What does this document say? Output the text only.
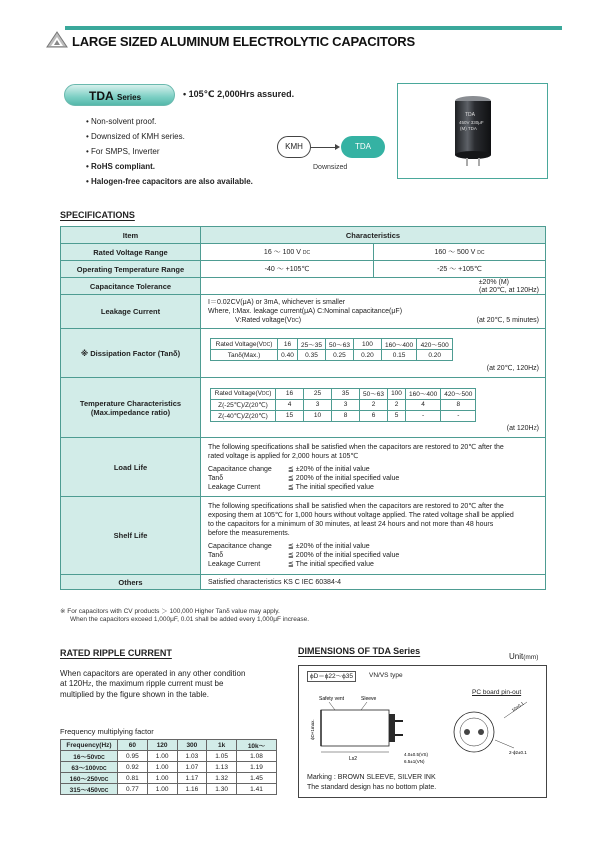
LARGE SIZED ALUMINUM ELECTROLYTIC CAPACITORS
TDA Series	• 105℃ 2,000Hrs assured.
• Non-solvent proof.
• Downsized of KMH series.
• For SMPS, Inverter
• RoHS compliant.
• Halogen-free capacitors are also available.
KMH	TDA
Downsized
TDA
450V 330μF
(M) TDA
SPECIFICATIONS
Item	Characteristics
Rated Voltage Range	16 ～ 100 V DC	160 ～ 500 V DC
Operating Temperature Range	-40 ～ +105℃	-25 ～ +105℃
Capacitance Tolerance	±20% (M)
(at 20℃, at 120Hz)

Leakage Current	
I＝0.02CV(μA) or 3mA, whichever is smaller
Where, I:Max. leakage current(μA) C:Nominal capacitance(μF)
V:Rated voltage(VDC)	(at 20℃, 5 minutes)

※ Dissipation Factor (Tanδ)	
Rated Voltage(VDC)	16	25～35	50～63	100	160～400	420～500
Tanδ(Max.)	0.40	0.35	0.25	0.20	0.15	0.20
(at 20℃, 120Hz)

Temperature Characteristics
(Max.impedance ratio)

Rated Voltage(VDC)	16	25	35	50～63	100	160～400	420～500
Z(-25℃)/Z(20℃)	4	3	3	2	2	4	8
Z(-40℃)/Z(20℃)	15	10	8	6	5	-	-
(at 120HZ)

Load Life	
The following specifications shall be satisfied when the capacitors are restored to 20℃ after the
rated voltage is applied for 2,000 hours at 105℃
Capacitance change ≦ ±20% of the initial value
Tanδ	≦ 200% of the initial specified value
Leakage Current	≦ The initial specified value

Shelf Life	
The following specifications shall be satisfied when the capacitors are restored to 20℃ after the
exposing them at 105℃ for 1,000 hours without voltage applied. The rated voltage shall be applied
to the capacitors for a minimum of 30 minutes, at least 24 hours and not more than 48 hours
before the measurements.
Capacitance change ≦ ±20% of the initial value
Tanδ	≦ 200% of the initial specified value
Leakage Current	≦ The initial specified value

Others	Satisfied characteristics KS C IEC 60384-4
※ For capacitors with CV products ＞ 100,000 Higher Tanδ value may apply.
When the capacitors exceed 1,000μF, 0.01 shall be added every 1,000μF increase.
RATED RIPPLE CURRENT
When capacitors are operated in any other condition
at 120HZ, the maximum ripple current must be
multiplied by the figure shown in the table.
Frequency multiplying factor
Frequency(Hz)	60	120	300	1k	10k～
16～50VDC	0.95	1.00	1.03	1.05	1.08
63～100VDC	0.92	1.00	1.07	1.13	1.19
160～250VDC	0.81	1.00	1.17	1.32	1.45
315～450VDC	0.77	1.00	1.16	1.30	1.41
DIMENSIONS OF TDA Series
Unit(mm)
ϕD＝ϕ22～ϕ35	VN/VS type
PC board pin-out
Safety vent	Sleeve
ϕD+1max.
Ls2
4.0±0.5(VS)
6.5±1(VN)
10±0.1
2-ϕ2±0.1
Marking : BROWN SLEEVE, SILVER INK
The standard design has no bottom plate.
